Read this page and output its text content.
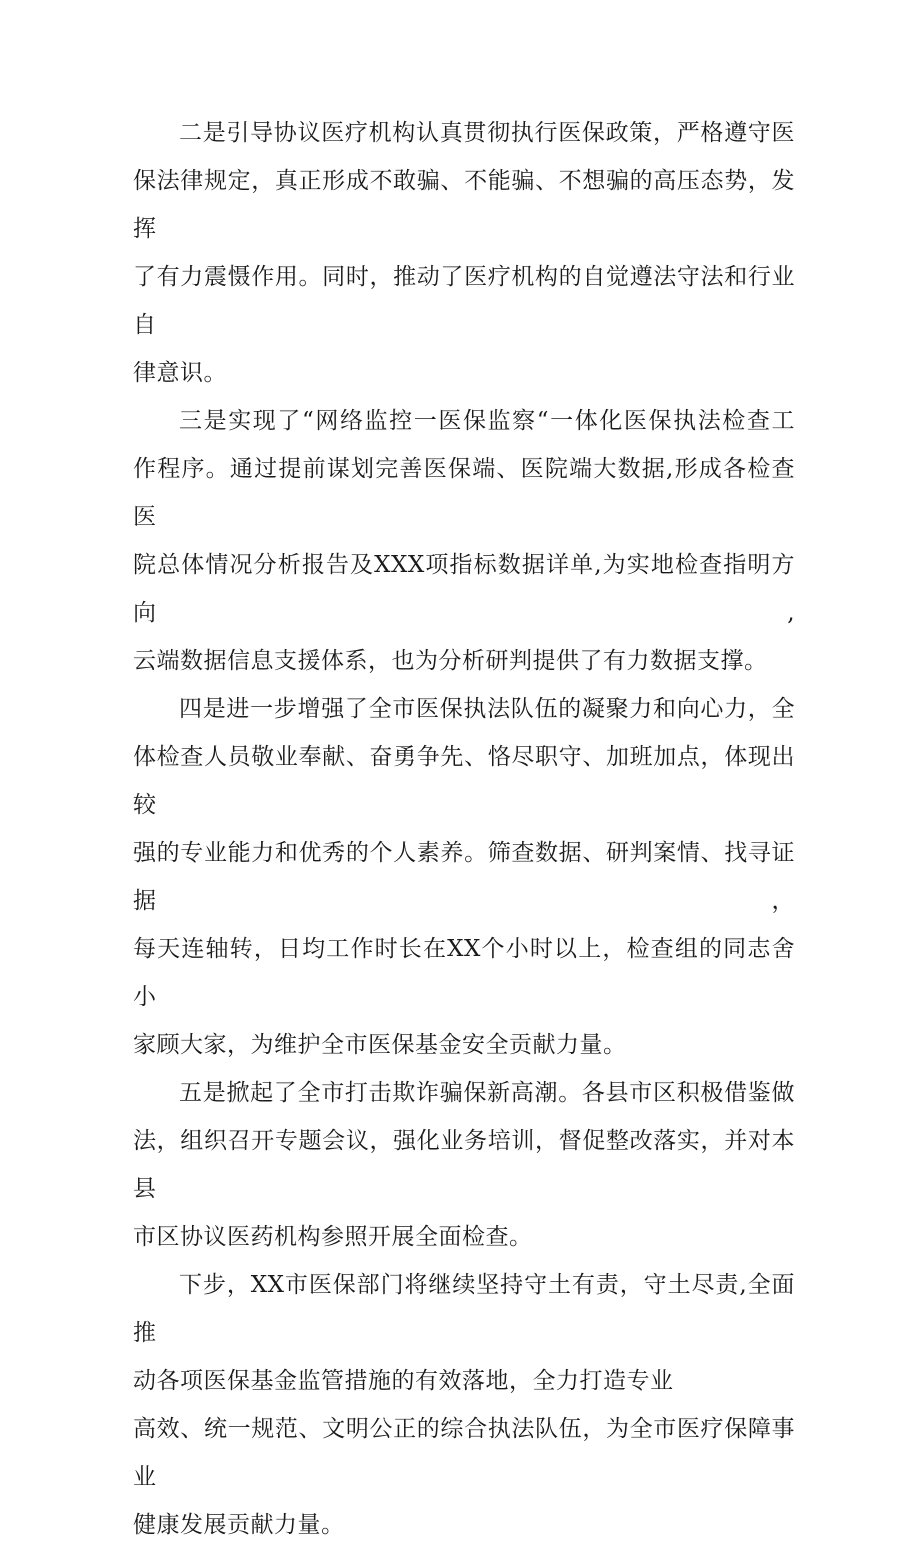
二是引导协议医疗机构认真贯彻执行医保政策，严格遵守医
保法律规定，真正形成不敢骗、不能骗、不想骗的高压态势，发挥
了有力震慑作用。同时，推动了医疗机构的自觉遵法守法和行业自
律意识。

三是实现了“网络监控一医保监察“一体化医保执法检查工
作程序。通过提前谋划完善医保端、医院端大数据,形成各检查医
院总体情况分析报告及XXX项指标数据详单,为实地检查指明方向,
云端数据信息支援体系，也为分析研判提供了有力数据支撑。

四是进一步增强了全市医保执法队伍的凝聚力和向心力，全
体检查人员敬业奉献、奋勇争先、恪尽职守、加班加点，体现出较
强的专业能力和优秀的个人素养。筛查数据、研判案情、找寻证据，
每天连轴转，日均工作时长在XX个小时以上，检查组的同志舍小
家顾大家，为维护全市医保基金安全贡献力量。

五是掀起了全市打击欺诈骗保新高潮。各县市区积极借鉴做
法，组织召开专题会议，强化业务培训，督促整改落实，并对本县
市区协议医药机构参照开展全面检查。

下步，XX市医保部门将继续坚持守土有责，守土尽责,全面推
动各项医保基金监管措施的有效落地，全力打造专业
高效、统一规范、文明公正的综合执法队伍，为全市医疗保障事业
健康发展贡献力量。
